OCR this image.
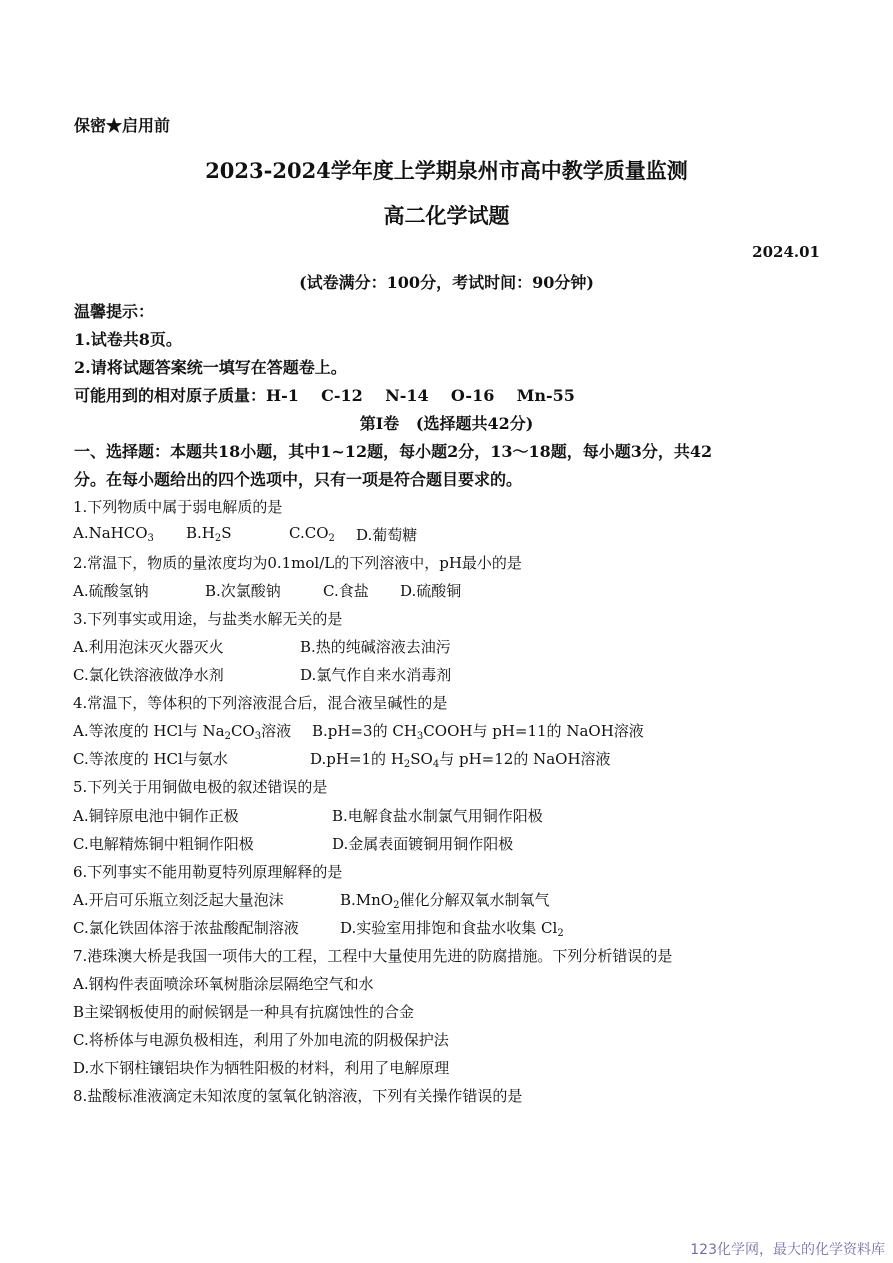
保密★启用前
2023-2024学年度上学期泉州市高中教学质量监测
高二化学试题
2024.01
(试卷满分：100分，考试时间：90分钟)
温馨提示：
1.试卷共8页。
2.请将试题答案统一填写在答题卷上。
可能用到的相对原子质量：H-1    C-12    N-14    O-16    Mn-55
第Ⅰ卷   (选择题共42分)
一、选择题：本题共18小题，其中1~12题，每小题2分，13～18题，每小题3分，共42
分。在每小题给出的四个选项中，只有一项是符合题目要求的。
1.下列物质中属于弱电解质的是
A.NaHCO$_3$ $B.H_2S$	$C.CO_2$ D.葡萄糖
2.常温下，物质的量浓度均为0.1mol/L的下列溶液中，pH最小的是
A.硫酸氢钠	B.次氯酸钠	C.食盐 D.硫酸铜
3.下列事实或用途，与盐类水解无关的是
A.利用泡沫灭火器灭火	B.热的纯碱溶液去油污
C.氯化铁溶液做净水剂	D.氯气作自来水消毒剂
4.常温下，等体积的下列溶液混合后，混合液呈碱性的是
A.等浓度的 HCl与 $Na_2CO_3$溶液 B.pH=3的 $CH_3COOH$与 pH=11的 NaOH溶液
C.等浓度的 HCl与氨水	D.pH=1的 $H_2SO_4$与 pH=12的 NaOH溶液
5.下列关于用铜做电极的叙述错误的是
A.铜锌原电池中铜作正极	B.电解食盐水制氯气用铜作阳极
C.电解精炼铜中粗铜作阳极	D.金属表面镀铜用铜作阳极
6.下列事实不能用勒夏特列原理解释的是
A.开启可乐瓶立刻泛起大量泡沫	B.MnO$_2$催化分解双氧水制氧气
C.氯化铁固体溶于浓盐酸配制溶液	D.实验室用排饱和食盐水收集 $Cl_2$
7.港珠澳大桥是我国一项伟大的工程，工程中大量使用先进的防腐措施。下列分析错误的是
A.钢构件表面喷涂环氧树脂涂层隔绝空气和水
B主梁钢板使用的耐候钢是一种具有抗腐蚀性的合金
C.将桥体与电源负极相连，利用了外加电流的阴极保护法
D.水下钢柱镶铝块作为牺牲阳极的材料，利用了电解原理
8.盐酸标准液滴定未知浓度的氢氧化钠溶液，下列有关操作错误的是
123化学网，最大的化学资料库
